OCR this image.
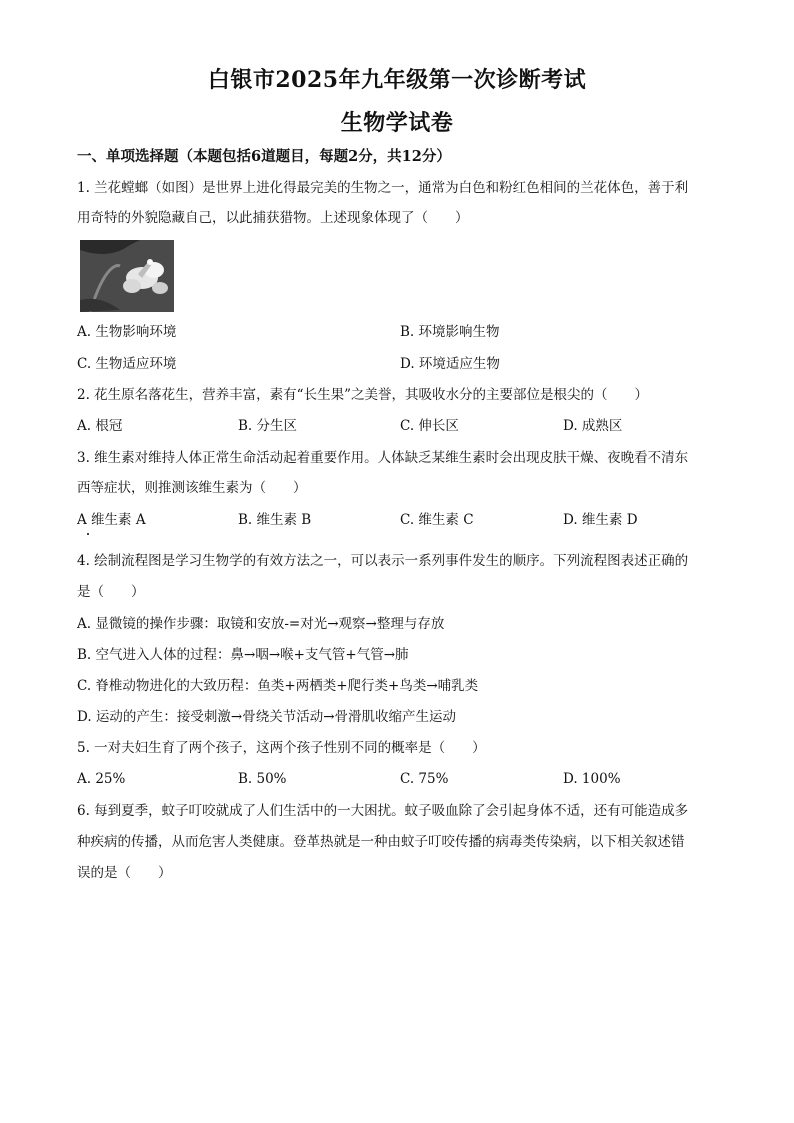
白银市2025年九年级第一次诊断考试
生物学试卷
一、单项选择题（本题包括6道题目，每题2分，共12分）
1. 兰花螳螂（如图）是世界上进化得最完美的生物之一，通常为白色和粉红色相间的兰花体色，善于利
用奇特的外貌隐藏自己，以此捕获猎物。上述现象体现了（　　）
A. 生物影响环境	B. 环境影响生物
C. 生物适应环境	D. 环境适应生物
2. 花生原名落花生，营养丰富，素有“长生果”之美誉，其吸收水分的主要部位是根尖的（　　）
A. 根冠	B. 分生区	C. 伸长区	D. 成熟区
3. 维生素对维持人体正常生命活动起着重要作用。人体缺乏某维生素时会出现皮肤干燥、夜晚看不清东
西等症状，则推测该维生素为（　　）
A 维生素 A	B. 维生素 B	C. 维生素 C	D. 维生素 D
4. 绘制流程图是学习生物学的有效方法之一，可以表示一系列事件发生的顺序。下列流程图表述正确的
是（　　）
A. 显微镜的操作步骤：取镜和安放-=对光→观察→整理与存放
B. 空气进入人体的过程：鼻→咽→喉+支气管+气管→肺
C. 脊椎动物进化的大致历程：鱼类+两栖类+爬行类+鸟类→哺乳类
D. 运动的产生：接受刺激→骨绕关节活动→骨滑肌收缩产生运动
5. 一对夫妇生育了两个孩子，这两个孩子性别不同的概率是（　　）
A. 25%	B. 50%	C. 75%	D. 100%
6. 每到夏季，蚊子叮咬就成了人们生活中的一大困扰。蚊子吸血除了会引起身体不适，还有可能造成多
种疾病的传播，从而危害人类健康。登革热就是一种由蚊子叮咬传播的病毒类传染病，以下相关叙述错
误的是（　　）
